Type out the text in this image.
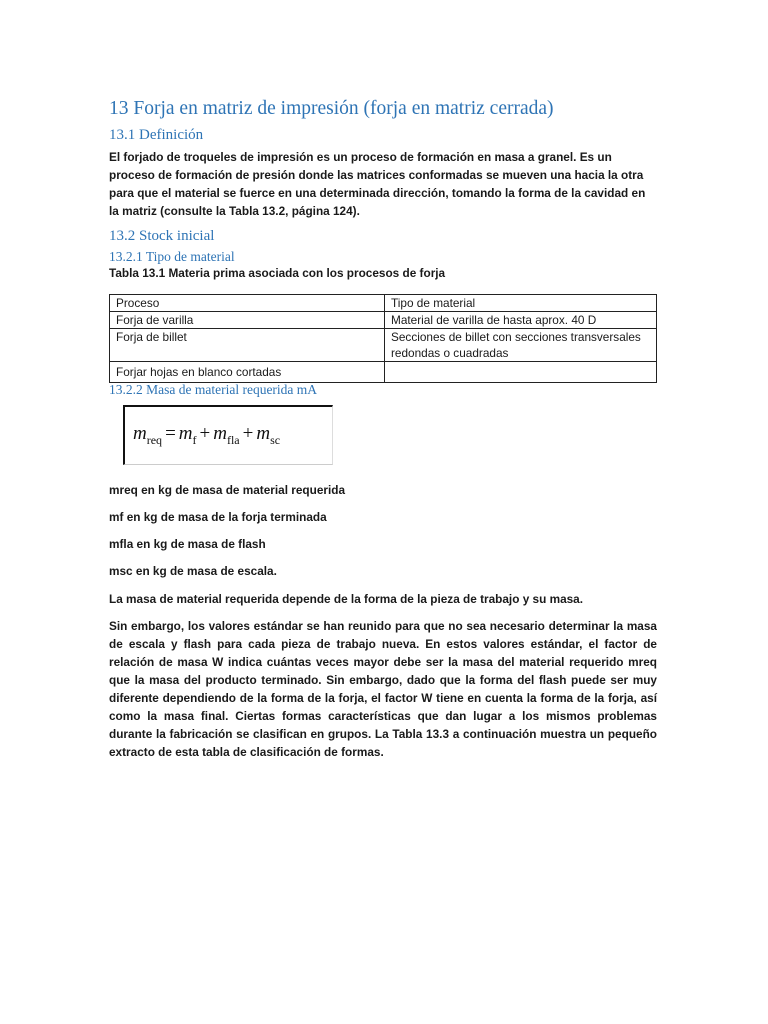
13 Forja en matriz de impresión (forja en matriz cerrada)
13.1 Definición
El forjado de troqueles de impresión es un proceso de formación en masa a granel. Es un proceso de formación de presión donde las matrices conformadas se mueven una hacia la otra para que el material se fuerce en una determinada dirección, tomando la forma de la cavidad en la matriz (consulte la Tabla 13.2, página 124).
13.2 Stock inicial
13.2.1 Tipo de material
Tabla 13.1 Materia prima asociada con los procesos de forja
Proceso	Tipo de material
Forja de varilla	Material de varilla de hasta aprox. 40 D
Forja de billet	Secciones de billet con secciones transversales redondas o cuadradas
Forjar hojas en blanco cortadas	
13.2.2 Masa de material requerida mA
$m_{req} = m_f + m_{fla} + m_{sc}$
mreq en kg de masa de material requerida
mf en kg de masa de la forja terminada
mfla en kg de masa de flash
msc en kg de masa de escala.
La masa de material requerida depende de la forma de la pieza de trabajo y su masa.
Sin embargo, los valores estándar se han reunido para que no sea necesario determinar la masa de escala y flash para cada pieza de trabajo nueva. En estos valores estándar, el factor de relación de masa W indica cuántas veces mayor debe ser la masa del material requerido mreq que la masa del producto terminado. Sin embargo, dado que la forma del flash puede ser muy diferente dependiendo de la forma de la forja, el factor W tiene en cuenta la forma de la forja, así como la masa final. Ciertas formas características que dan lugar a los mismos problemas durante la fabricación se clasifican en grupos. La Tabla 13.3 a continuación muestra un pequeño extracto de esta tabla de clasificación de formas.
